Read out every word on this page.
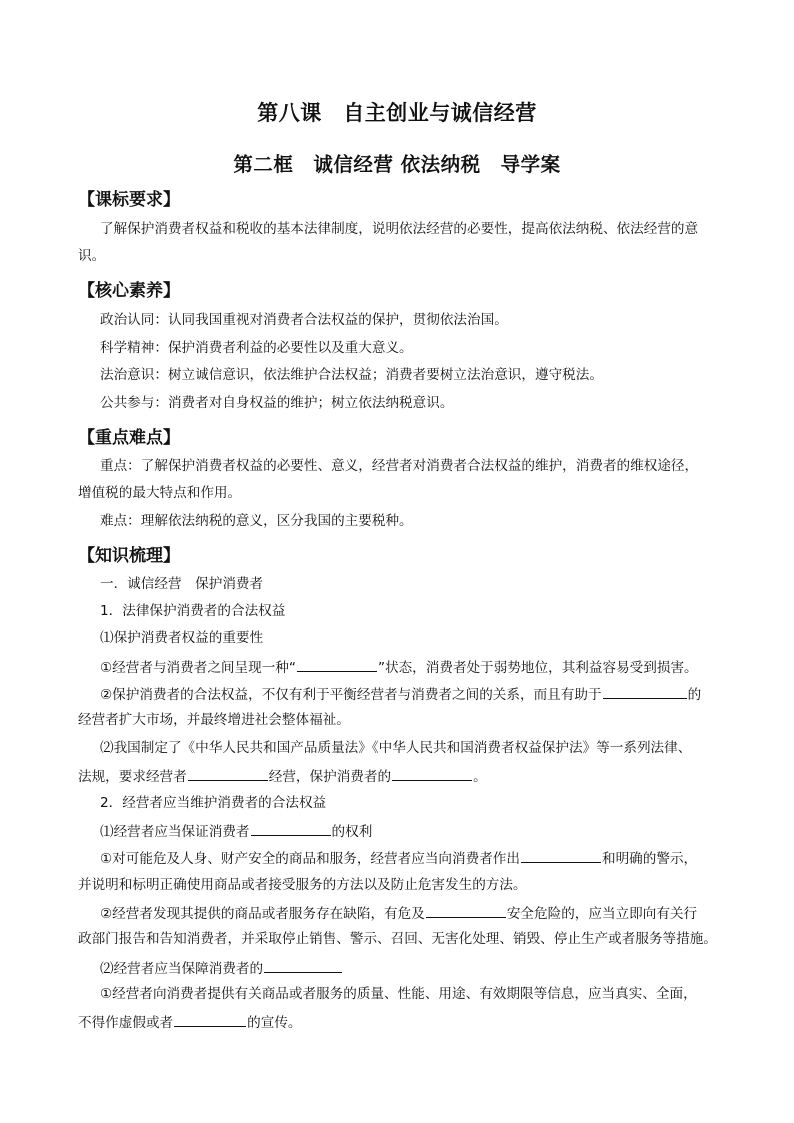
第八课　自主创业与诚信经营
第二框　诚信经营 依法纳税　导学案
【课标要求】
了解保护消费者权益和税收的基本法律制度，说明依法经营的必要性，提高依法纳税、依法经营的意
识。
【核心素养】
政治认同：认同我国重视对消费者合法权益的保护，贯彻依法治国。
科学精神：保护消费者利益的必要性以及重大意义。
法治意识：树立诚信意识，依法维护合法权益；消费者要树立法治意识，遵守税法。
公共参与：消费者对自身权益的维护；树立依法纳税意识。
【重点难点】
重点：了解保护消费者权益的必要性、意义，经营者对消费者合法权益的维护，消费者的维权途径，
增值税的最大特点和作用。
难点：理解依法纳税的意义，区分我国的主要税种。
【知识梳理】
一．诚信经营　保护消费者
1．法律保护消费者的合法权益
⑴保护消费者权益的重要性
①经营者与消费者之间呈现一种“	”状态，消费者处于弱势地位，其利益容易受到损害。
②保护消费者的合法权益，不仅有利于平衡经营者与消费者之间的关系，而且有助于	的
经营者扩大市场，并最终增进社会整体福祉。
⑵我国制定了《中华人民共和国产品质量法》《中华人民共和国消费者权益保护法》等一系列法律、
法规，要求经营者	经营，保护消费者的	。
2．经营者应当维护消费者的合法权益
⑴经营者应当保证消费者	的权利
①对可能危及人身、财产安全的商品和服务，经营者应当向消费者作出	和明确的警示，
并说明和标明正确使用商品或者接受服务的方法以及防止危害发生的方法。
②经营者发现其提供的商品或者服务存在缺陷，有危及	安全危险的，应当立即向有关行
政部门报告和告知消费者，并采取停止销售、警示、召回、无害化处理、销毁、停止生产或者服务等措施。
⑵经营者应当保障消费者的
①经营者向消费者提供有关商品或者服务的质量、性能、用途、有效期限等信息，应当真实、全面，
不得作虚假或者	的宣传。
